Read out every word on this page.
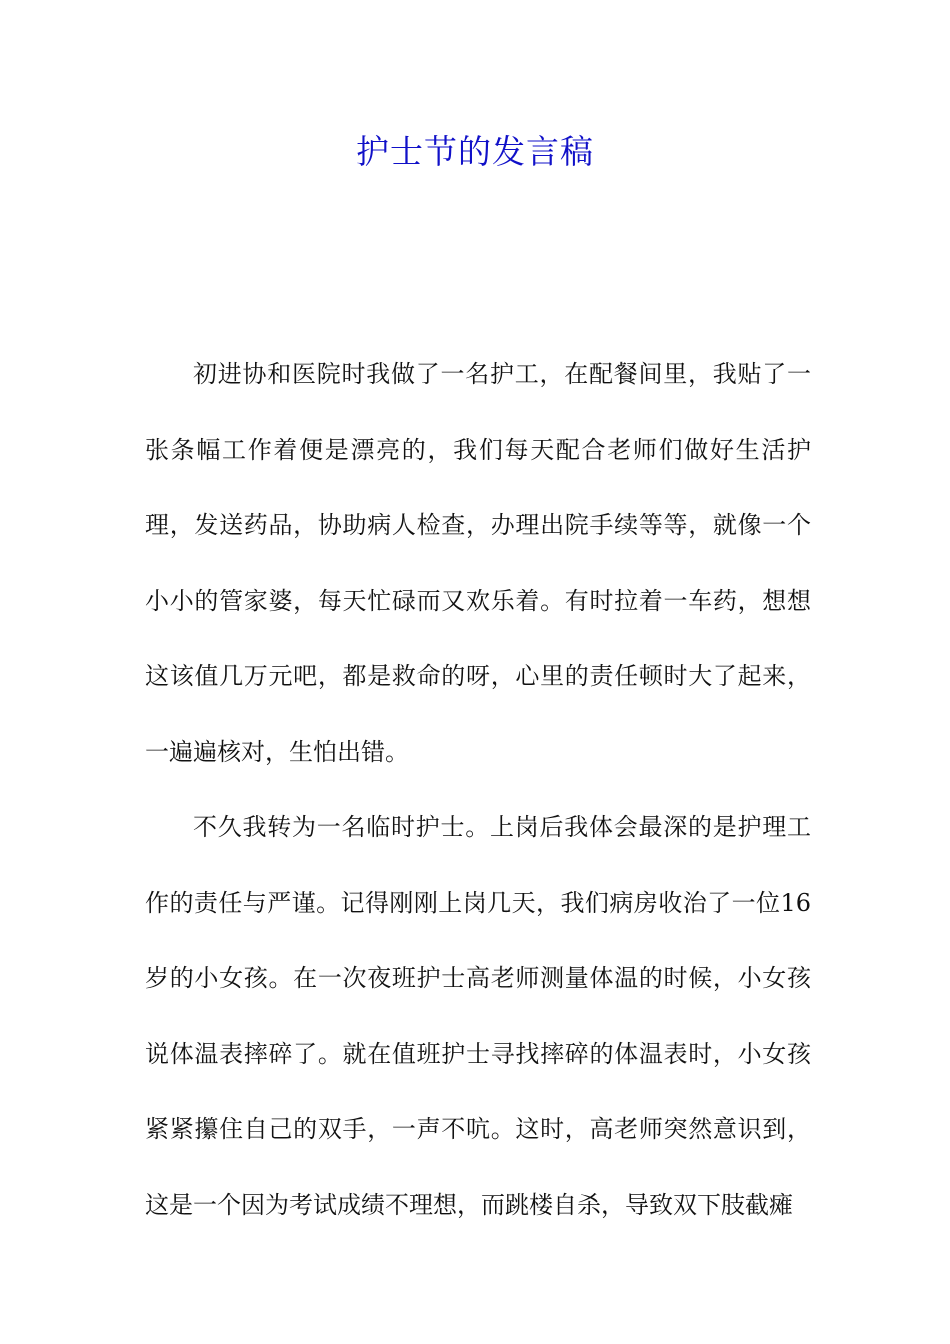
护士节的发言稿

初进协和医院时我做了一名护工，在配餐间里，我贴了一张条幅工作着便是漂亮的，我们每天配合老师们做好生活护理，发送药品，协助病人检查，办理出院手续等等，就像一个小小的管家婆，每天忙碌而又欢乐着。有时拉着一车药，想想这该值几万元吧，都是救命的呀，心里的责任顿时大了起来，一遍遍核对，生怕出错。

不久我转为一名临时护士。上岗后我体会最深的是护理工作的责任与严谨。记得刚刚上岗几天，我们病房收治了一位16岁的小女孩。在一次夜班护士高老师测量体温的时候，小女孩说体温表摔碎了。就在值班护士寻找摔碎的体温表时，小女孩紧紧攥住自己的双手，一声不吭。这时，高老师突然意识到，这是一个因为考试成绩不理想，而跳楼自杀，导致双下肢截瘫
